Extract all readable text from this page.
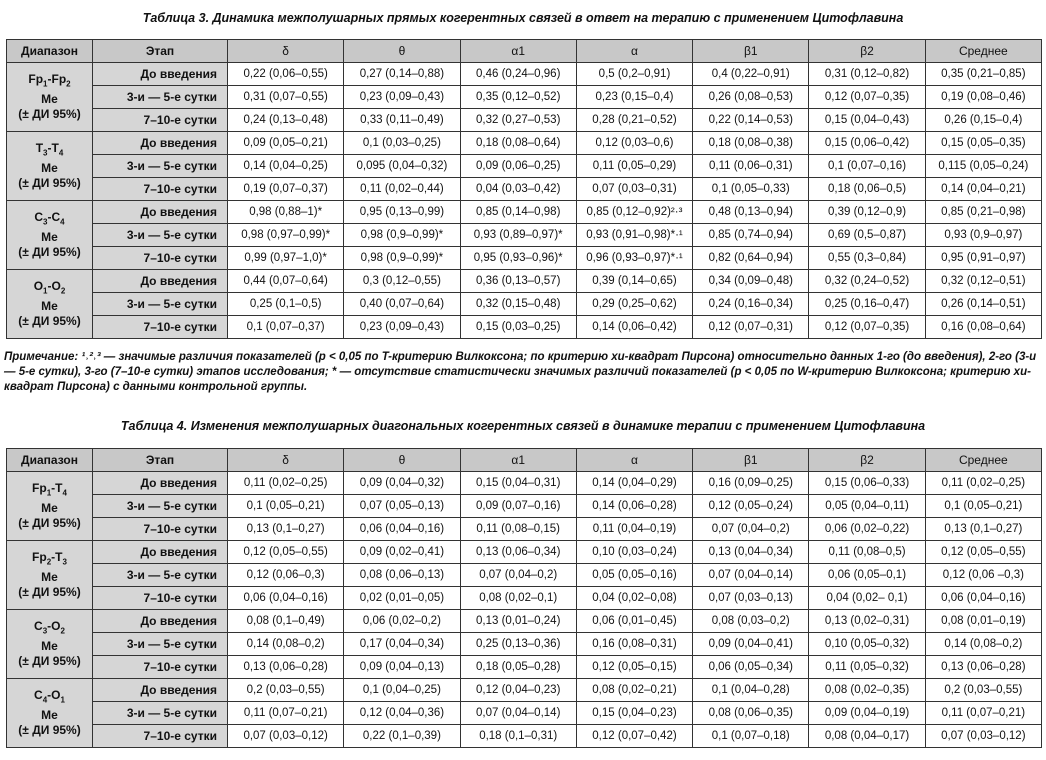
Таблица 3. Динамика межполушарных прямых когерентных связей в ответ на терапию с применением Цитофлавина
Диапазон	Этап	δ	θ	α1	α	β1	β2	Среднее

$Fp_1-Fp_2$
Me
(± ДИ 95%)	До введения	0,22 (0,06–0,55)	0,27 (0,14–0,88)	0,46 (0,24–0,96)	0,5 (0,2–0,91)	0,4 (0,22–0,91)	0,31 (0,12–0,82)	0,35 (0,21–0,85)
	3-и — 5-е сутки	0,31 (0,07–0,55)	0,23 (0,09–0,43)	0,35 (0,12–0,52)	0,23 (0,15–0,4)	0,26 (0,08–0,53)	0,12 (0,07–0,35)	0,19 (0,08–0,46)
	7–10-е сутки	0,24 (0,13–0,48)	0,33 (0,11–0,49)	0,32 (0,27–0,53)	0,28 (0,21–0,52)	0,22 (0,14–0,53)	0,15 (0,04–0,43)	0,26 (0,15–0,4)

$T_3-T_4$
Me
(± ДИ 95%)	До введения	0,09 (0,05–0,21)	0,1 (0,03–0,25)	0,18 (0,08–0,64)	0,12 (0,03–0,6)	0,18 (0,08–0,38)	0,15 (0,06–0,42)	0,15 (0,05–0,35)
	3-и — 5-е сутки	0,14 (0,04–0,25)	0,095 (0,04–0,32)	0,09 (0,06–0,25)	0,11 (0,05–0,29)	0,11 (0,06–0,31)	0,1 (0,07–0,16)	0,115 (0,05–0,24)
	7–10-е сутки	0,19 (0,07–0,37)	0,11 (0,02–0,44)	0,04 (0,03–0,42)	0,07 (0,03–0,31)	0,1 (0,05–0,33)	0,18 (0,06–0,5)	0,14 (0,04–0,21)

$C_3-C_4$
Me
(± ДИ 95%)	До введения	0,98 (0,88–1)*	0,95 (0,13–0,99)	0,85 (0,14–0,98)	0,85 (0,12–0,92)²·³	0,48 (0,13–0,94)	0,39 (0,12–0,9)	0,85 (0,21–0,98)
	3-и — 5-е сутки	0,98 (0,97–0,99)*	0,98 (0,9–0,99)*	0,93 (0,89–0,97)*	0,93 (0,91–0,98)*·¹	0,85 (0,74–0,94)	0,69 (0,5–0,87)	0,93 (0,9–0,97)
	7–10-е сутки	0,99 (0,97–1,0)*	0,98 (0,9–0,99)*	0,95 (0,93–0,96)*	0,96 (0,93–0,97)*·¹	0,82 (0,64–0,94)	0,55 (0,3–0,84)	0,95 (0,91–0,97)

$O_1-O_2$
Me
(± ДИ 95%)	До введения	0,44 (0,07–0,64)	0,3 (0,12–0,55)	0,36 (0,13–0,57)	0,39 (0,14–0,65)	0,34 (0,09–0,48)	0,32 (0,24–0,52)	0,32 (0,12–0,51)
	3-и — 5-е сутки	0,25 (0,1–0,5)	0,40 (0,07–0,64)	0,32 (0,15–0,48)	0,29 (0,25–0,62)	0,24 (0,16–0,34)	0,25 (0,16–0,47)	0,26 (0,14–0,51)
	7–10-е сутки	0,1 (0,07–0,37)	0,23 (0,09–0,43)	0,15 (0,03–0,25)	0,14 (0,06–0,42)	0,12 (0,07–0,31)	0,12 (0,07–0,35)	0,16 (0,08–0,64)
Примечание: ¹˒²˒³ — значимые различия показателей (p < 0,05 по T-критерию Вилкоксона; по критерию хи-квадрат Пирсона) относительно данных 1-го (до введения), 2-го (3-и — 5-е сутки), 3-го (7–10-е сутки) этапов исследования; * — отсутствие статистически значимых различий показателей (p < 0,05 по W-критерию Вилкоксона; критерию хи-квадрат Пирсона) с данными контрольной группы.
Таблица 4. Изменения межполушарных диагональных когерентных связей в динамике терапии с применением Цитофлавина
Диапазон	Этап	δ	θ	α1	α	β1	β2	Среднее

$Fp_1-T_4$
Me
(± ДИ 95%)	До введения	0,11 (0,02–0,25)	0,09 (0,04–0,32)	0,15 (0,04–0,31)	0,14 (0,04–0,29)	0,16 (0,09–0,25)	0,15 (0,06–0,33)	0,11 (0,02–0,25)
	3-и — 5-е сутки	0,1 (0,05–0,21)	0,07 (0,05–0,13)	0,09 (0,07–0,16)	0,14 (0,06–0,28)	0,12 (0,05–0,24)	0,05 (0,04–0,11)	0,1 (0,05–0,21)
	7–10-е сутки	0,13 (0,1–0,27)	0,06 (0,04–0,16)	0,11 (0,08–0,15)	0,11 (0,04–0,19)	0,07 (0,04–0,2)	0,06 (0,02–0,22)	0,13 (0,1–0,27)

$Fp_2-T_3$
Me
(± ДИ 95%)	До введения	0,12 (0,05–0,55)	0,09 (0,02–0,41)	0,13 (0,06–0,34)	0,10 (0,03–0,24)	0,13 (0,04–0,34)	0,11 (0,08–0,5)	0,12 (0,05–0,55)
	3-и — 5-е сутки	0,12 (0,06–0,3)	0,08 (0,06–0,13)	0,07 (0,04–0,2)	0,05 (0,05–0,16)	0,07 (0,04–0,14)	0,06 (0,05–0,1)	0,12 (0,06 –0,3)
	7–10-е сутки	0,06 (0,04–0,16)	0,02 (0,01–0,05)	0,08 (0,02–0,1)	0,04 (0,02–0,08)	0,07 (0,03–0,13)	0,04 (0,02– 0,1)	0,06 (0,04–0,16)

$C_3-O_2$
Me
(± ДИ 95%)	До введения	0,08 (0,1–0,49)	0,06 (0,02–0,2)	0,13 (0,01–0,24)	0,06 (0,01–0,45)	0,08 (0,03–0,2)	0,13 (0,02–0,31)	0,08 (0,01–0,19)
	3-и — 5-е сутки	0,14 (0,08–0,2)	0,17 (0,04–0,34)	0,25 (0,13–0,36)	0,16 (0,08–0,31)	0,09 (0,04–0,41)	0,10 (0,05–0,32)	0,14 (0,08–0,2)
	7–10-е сутки	0,13 (0,06–0,28)	0,09 (0,04–0,13)	0,18 (0,05–0,28)	0,12 (0,05–0,15)	0,06 (0,05–0,34)	0,11 (0,05–0,32)	0,13 (0,06–0,28)

$C_4-O_1$
Me
(± ДИ 95%)	До введения	0,2 (0,03–0,55)	0,1 (0,04–0,25)	0,12 (0,04–0,23)	0,08 (0,02–0,21)	0,1 (0,04–0,28)	0,08 (0,02–0,35)	0,2 (0,03–0,55)
	3-и — 5-е сутки	0,11 (0,07–0,21)	0,12 (0,04–0,36)	0,07 (0,04–0,14)	0,15 (0,04–0,23)	0,08 (0,06–0,35)	0,09 (0,04–0,19)	0,11 (0,07–0,21)
	7–10-е сутки	0,07 (0,03–0,12)	0,22 (0,1–0,39)	0,18 (0,1–0,31)	0,12 (0,07–0,42)	0,1 (0,07–0,18)	0,08 (0,04–0,17)	0,07 (0,03–0,12)
